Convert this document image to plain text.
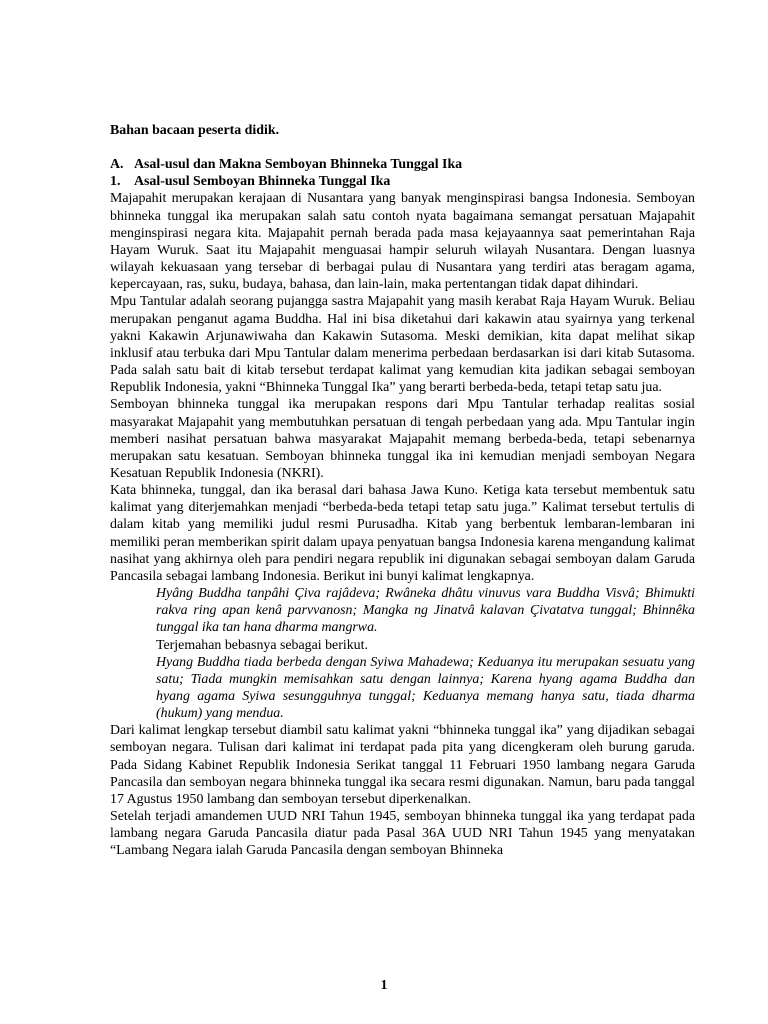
Bahan bacaan peserta didik.
A. Asal-usul dan Makna Semboyan Bhinneka Tunggal Ika
1. Asal-usul Semboyan Bhinneka Tunggal Ika

Majapahit merupakan kerajaan di Nusantara yang banyak menginspirasi bangsa Indonesia. Semboyan bhinneka tunggal ika merupakan salah satu contoh nyata bagaimana semangat persatuan Majapahit menginspirasi negara kita. Majapahit pernah berada pada masa kejayaannya saat pemerintahan Raja Hayam Wuruk. Saat itu Majapahit menguasai hampir seluruh wilayah Nusantara. Dengan luasnya wilayah kekuasaan yang tersebar di berbagai pulau di Nusantara yang terdiri atas beragam agama, kepercayaan, ras, suku, budaya, bahasa, dan lain-lain, maka pertentangan tidak dapat dihindari.

Mpu Tantular adalah seorang pujangga sastra Majapahit yang masih kerabat Raja Hayam Wuruk. Beliau merupakan penganut agama Buddha. Hal ini bisa diketahui dari kakawin atau syairnya yang terkenal yakni Kakawin Arjunawiwaha dan Kakawin Sutasoma. Meski demikian, kita dapat melihat sikap inklusif atau terbuka dari Mpu Tantular dalam menerima perbedaan berdasarkan isi dari kitab Sutasoma. Pada salah satu bait di kitab tersebut terdapat kalimat yang kemudian kita jadikan sebagai semboyan Republik Indonesia, yakni “Bhinneka Tunggal Ika” yang berarti berbeda-beda, tetapi tetap satu jua.

Semboyan bhinneka tunggal ika merupakan respons dari Mpu Tantular terhadap realitas sosial masyarakat Majapahit yang membutuhkan persatuan di tengah perbedaan yang ada. Mpu Tantular ingin memberi nasihat persatuan bahwa masyarakat Majapahit memang berbeda-beda, tetapi sebenarnya merupakan satu kesatuan. Semboyan bhinneka tunggal ika ini kemudian menjadi semboyan Negara Kesatuan Republik Indonesia (NKRI).

Kata bhinneka, tunggal, dan ika berasal dari bahasa Jawa Kuno. Ketiga kata tersebut membentuk satu kalimat yang diterjemahkan menjadi “berbeda-beda tetapi tetap satu juga.” Kalimat tersebut tertulis di dalam kitab yang memiliki judul resmi Purusadha. Kitab yang berbentuk lembaran-lembaran ini memiliki peran memberikan spirit dalam upaya penyatuan bangsa Indonesia karena mengandung kalimat nasihat yang akhirnya oleh para pendiri negara republik ini digunakan sebagai semboyan dalam Garuda Pancasila sebagai lambang Indonesia. Berikut ini bunyi kalimat lengkapnya.

Hyâng Buddha tanpâhi Çiva rajâdeva; Rwâneka dhâtu vinuvus vara Buddha Visvâ; Bhimukti rakva ring apan kenâ parvvanosn; Mangka ng Jinatvâ kalavan Çivatatva tunggal; Bhinnêka tunggal ika tan hana dharma mangrwa.

Terjemahan bebasnya sebagai berikut.

Hyang Buddha tiada berbeda dengan Syiwa Mahadewa; Keduanya itu merupakan sesuatu yang satu; Tiada mungkin memisahkan satu dengan lainnya; Karena hyang agama Buddha dan hyang agama Syiwa sesungguhnya tunggal; Keduanya memang hanya satu, tiada dharma (hukum) yang mendua.

Dari kalimat lengkap tersebut diambil satu kalimat yakni “bhinneka tunggal ika” yang dijadikan sebagai semboyan negara. Tulisan dari kalimat ini terdapat pada pita yang dicengkeram oleh burung garuda. Pada Sidang Kabinet Republik Indonesia Serikat tanggal 11 Februari 1950 lambang negara Garuda Pancasila dan semboyan negara bhinneka tunggal ika secara resmi digunakan. Namun, baru pada tanggal 17 Agustus 1950 lambang dan semboyan tersebut diperkenalkan.

Setelah terjadi amandemen UUD NRI Tahun 1945, semboyan bhinneka tunggal ika yang terdapat pada lambang negara Garuda Pancasila diatur pada Pasal 36A UUD NRI Tahun 1945 yang menyatakan “Lambang Negara ialah Garuda Pancasila dengan semboyan Bhinneka

1
